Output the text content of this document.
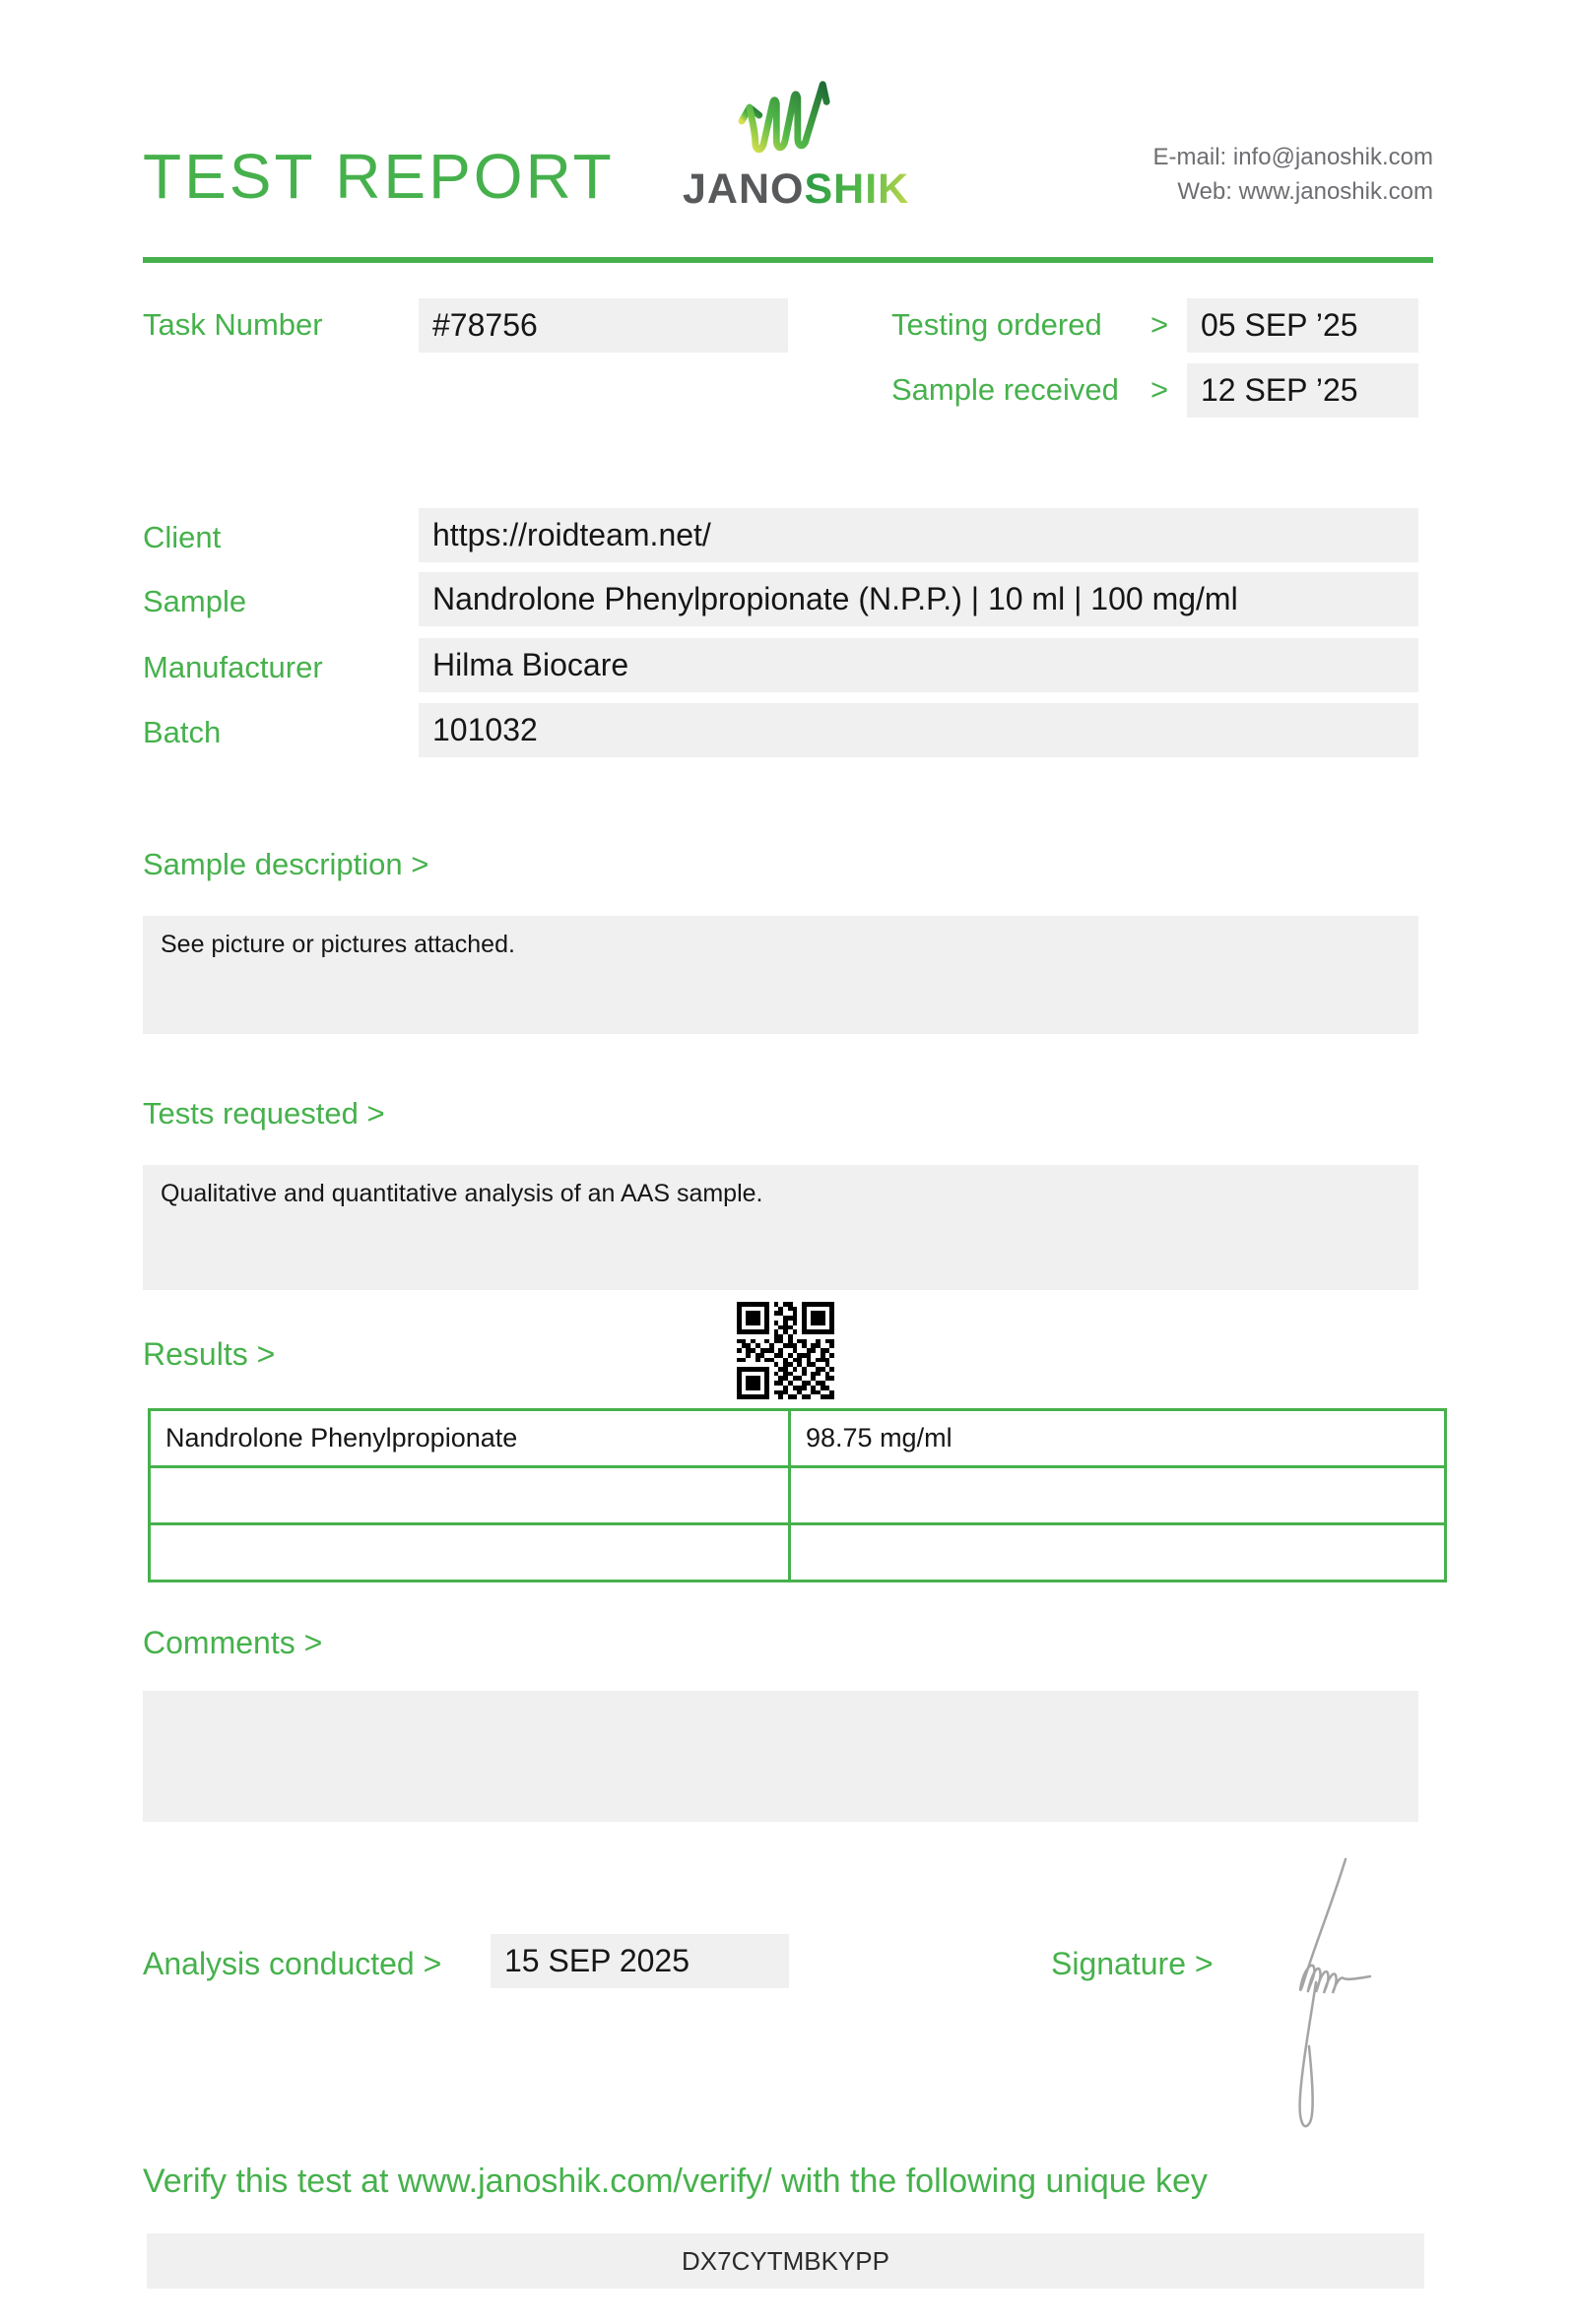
TEST REPORT JANOSHIK
E-mail: info@janoshik.com
Web: www.janoshik.com
Task Number	#78756	Testing ordered >	05 SEP ’25
Sample received >	12 SEP ’25
Client	https://roidteam.net/
Sample	Nandrolone Phenylpropionate (N.P.P.) | 10 ml | 100 mg/ml
Manufacturer	Hilma Biocare
Batch	101032
Sample description >
See picture or pictures attached.
Tests requested >
Qualitative and quantitative analysis of an AAS sample.
Results >
Nandrolone Phenylpropionate	98.75 mg/ml

Comments >
Analysis conducted >	15 SEP 2025	Signature >
Verify this test at www.janoshik.com/verify/ with the following unique key
DX7CYTMBKYPP
